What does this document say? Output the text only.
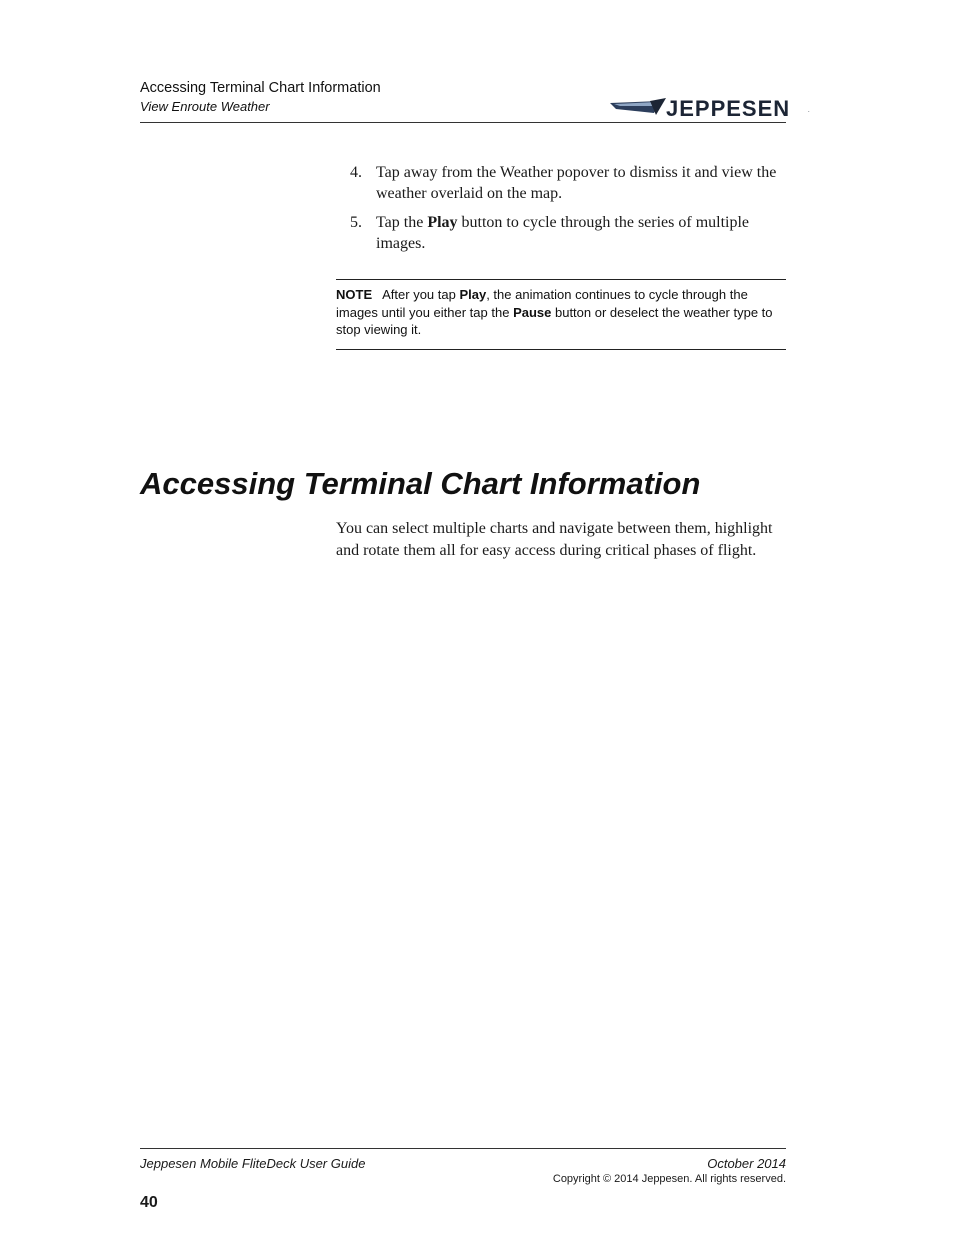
Accessing Terminal Chart Information
View Enroute Weather	JEPPESEN	.
4. Tap away from the Weather popover to dismiss it and view the weather overlaid on the map.
5. Tap the Play button to cycle through the series of multiple images.
NOTE After you tap Play, the animation continues to cycle through the images until you either tap the Pause button or deselect the weather type to stop viewing it.
Accessing Terminal Chart Information
You can select multiple charts and navigate between them, highlight and rotate them all for easy access during critical phases of flight.
Jeppesen Mobile FliteDeck User Guide	October 2014
Copyright © 2014 Jeppesen. All rights reserved.
40
